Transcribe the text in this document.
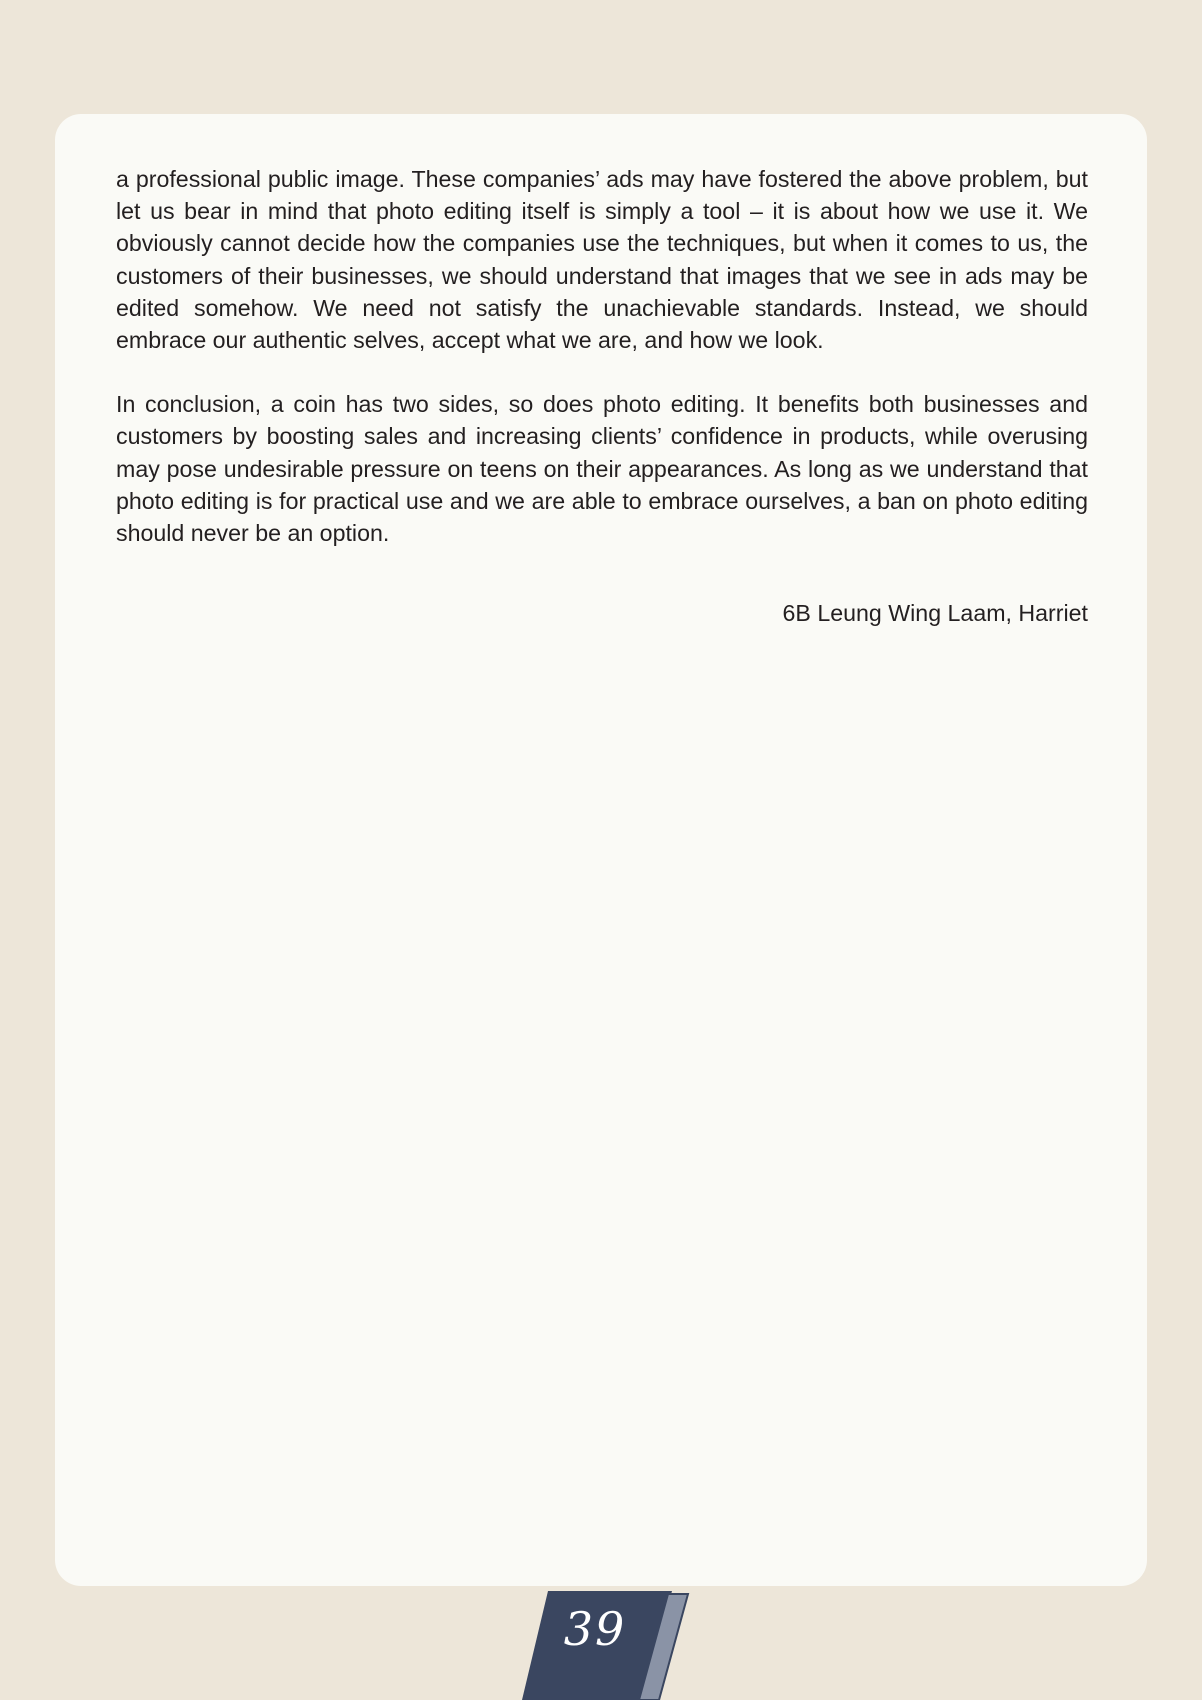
a professional public image. These companies’ ads may have fostered the above problem, but let us bear in mind that photo editing itself is simply a tool – it is about how we use it. We obviously cannot decide how the companies use the techniques, but when it comes to us, the customers of their businesses, we should understand that images that we see in ads may be edited somehow. We need not satisfy the unachievable standards. Instead, we should embrace our authentic selves, accept what we are, and how we look.

In conclusion, a coin has two sides, so does photo editing. It benefits both businesses and customers by boosting sales and increasing clients’ confidence in products, while overusing may pose undesirable pressure on teens on their appearances. As long as we understand that photo editing is for practical use and we are able to embrace ourselves, a ban on photo editing should never be an option.

6B Leung Wing Laam, Harriet
39
